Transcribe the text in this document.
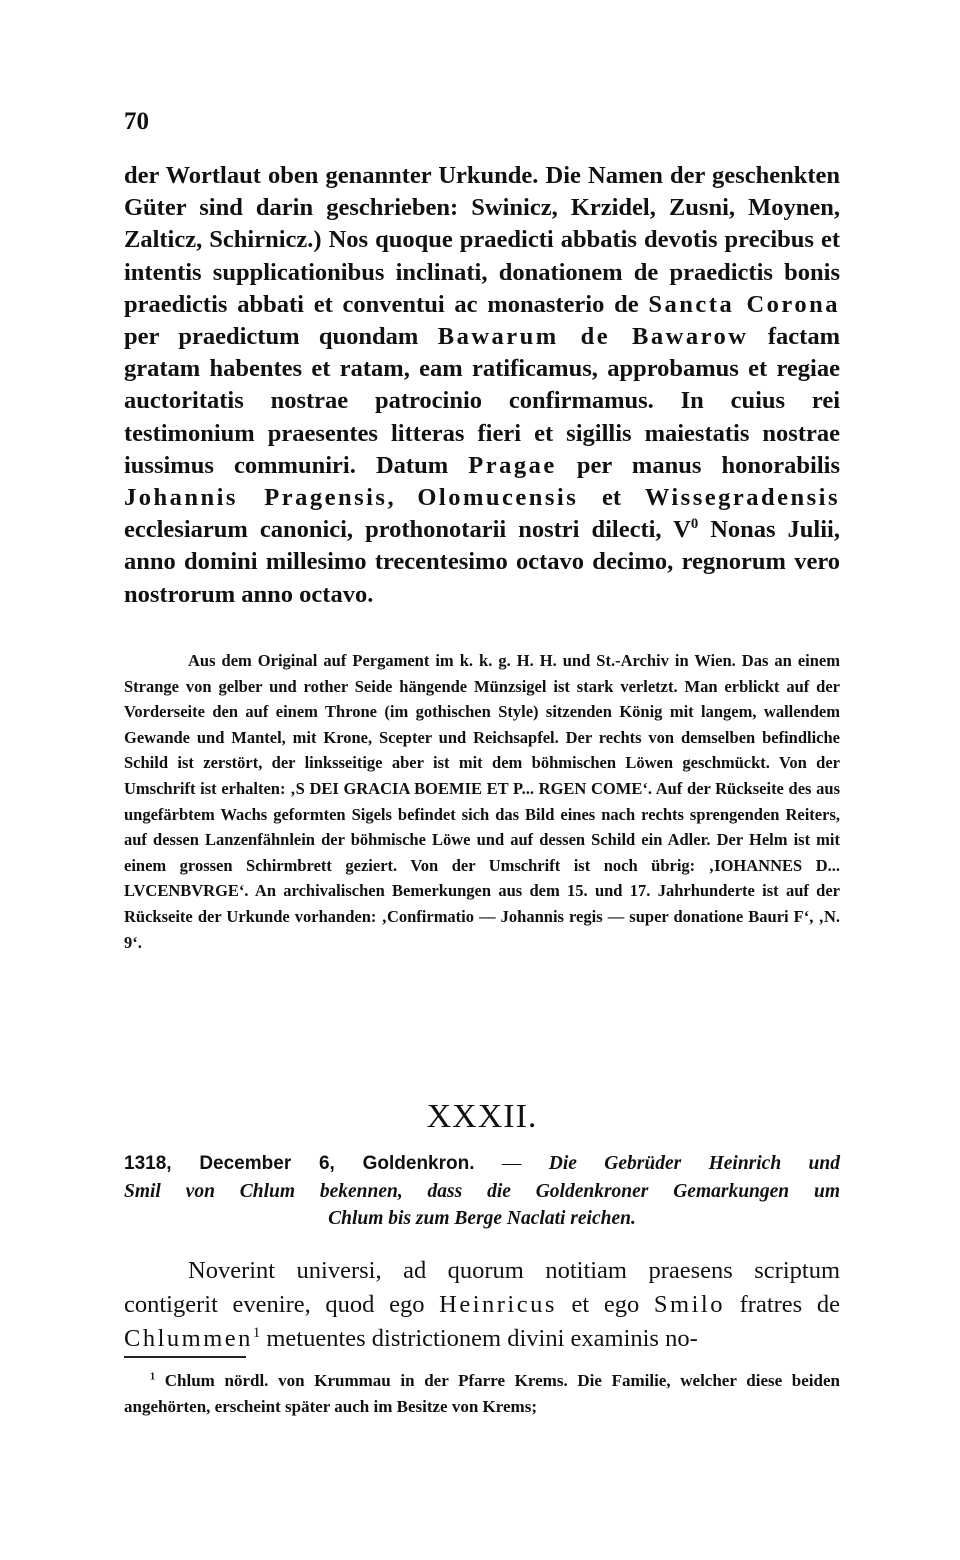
70

der Wortlaut oben genannter Urkunde. Die Namen der geschenkten Güter sind darin geschrieben: Swinicz, Krzidel, Zusni, Moynen, Zalticz, Schirnicz.) Nos quoque praedicti abbatis devotis precibus et intentis supplicationibus inclinati, donationem de praedictis bonis praedictis abbati et conventui ac monasterio de Sancta Corona per praedictum quondam Bawarum de Bawarow factam gratam habentes et ratam, eam ratificamus, approbamus et regiae auctoritatis nostrae patrocinio confirmamus. In cuius rei testimonium praesentes litteras fieri et sigillis maiestatis nostrae iussimus communiri. Datum Pragae per manus honorabilis Johannis Pragensis, Olomucensis et Wissegradensis ecclesiarum canonici, prothonotarii nostri dilecti, $V^0$ Nonas Julii, anno domini millesimo trecentesimo octavo decimo, regnorum vero nostrorum anno octavo.

Aus dem Original auf Pergament im k. k. g. H. H. und St.-Archiv in Wien. Das an einem Strange von gelber und rother Seide hängende Münzsigel ist stark verletzt. Man erblickt auf der Vorderseite den auf einem Throne (im gothischen Style) sitzenden König mit langem, wallendem Gewande und Mantel, mit Krone, Scepter und Reichsapfel. Der rechts von demselben befindliche Schild ist zerstört, der linksseitige aber ist mit dem böhmischen Löwen geschmückt. Von der Umschrift ist erhalten: ‚S DEI GRACIA BOEMIE ET P... RGEN COME‘. Auf der Rückseite des aus ungefärbtem Wachs geformten Sigels befindet sich das Bild eines nach rechts sprengenden Reiters, auf dessen Lanzenfähnlein der böhmische Löwe und auf dessen Schild ein Adler. Der Helm ist mit einem grossen Schirmbrett geziert. Von der Umschrift ist noch übrig: ‚IOHANNES D... LVCENBVRGE‘. An archivalischen Bemerkungen aus dem 15. und 17. Jahrhunderte ist auf der Rückseite der Urkunde vorhanden: ‚Confirmatio — Johannis regis — super donatione Bauri F‘, ‚N. 9‘.

XXXII.
1318, December 6, Goldenkron. — Die Gebrüder Heinrich und
Smil von Chlum bekennen, dass die Goldenkroner Gemarkungen um
Chlum bis zum Berge Naclati reichen.

Noverint universi, ad quorum notitiam praesens scriptum contigerit evenire, quod ego Heinricus et ego Smilo fratres de Chlummen$^1$ metuentes districtionem divini examinis no-

$^1$ Chlum nördl. von Krummau in der Pfarre Krems. Die Familie, welcher diese beiden angehörten, erscheint später auch im Besitze von Krems;
